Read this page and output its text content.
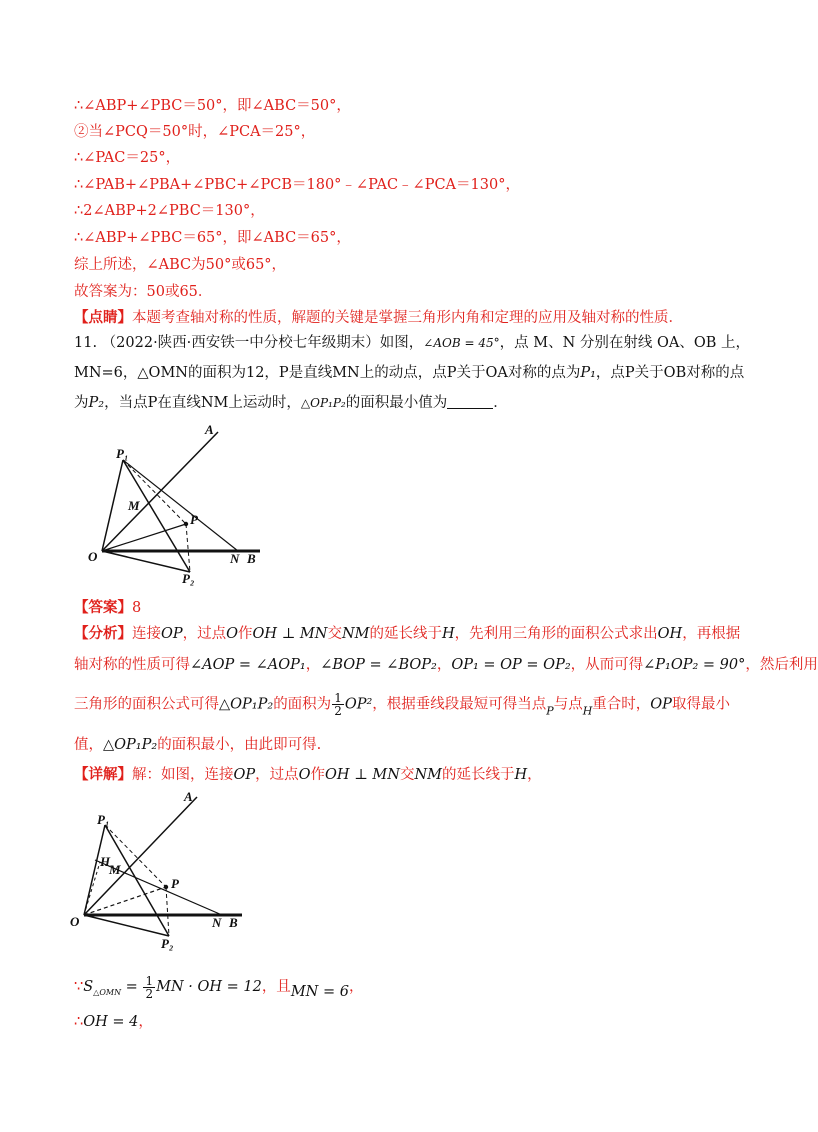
∴∠ABP+∠PBC＝50°，即∠ABC＝50°，
②当∠PCQ＝50°时，∠PCA＝25°，
∴∠PAC＝25°，
∴∠PAB+∠PBA+∠PBC+∠PCB＝180°﹣∠PAC﹣∠PCA＝130°，
∴2∠ABP+2∠PBC＝130°，
∴∠ABP+∠PBC＝65°，即∠ABC＝65°，
综上所述，∠ABC为50°或65°，
故答案为：50或65．
【点睛】本题考查轴对称的性质，解题的关键是掌握三角形内角和定理的应用及轴对称的性质．
11. （2022·陕西·西安铁一中分校七年级期末）如图，∠AOB = 45°，点 M、N 分别在射线 OA、OB 上，
MN=6，△OMN的面积为12，P是直线MN上的动点，点P关于OA对称的点为P₁，点P关于OB对称的点
为P₂，当点P在直线NM上运动时，△OP₁P₂的面积最小值为	．
A
P₁
M
P
O	N B
P₂
【答案】8
【分析】连接OP，过点O作OH ⊥ MN交NM的延长线于H，先利用三角形的面积公式求出OH，再根据
轴对称的性质可得∠AOP = ∠AOP₁，∠BOP = ∠BOP₂，OP₁ = OP = OP₂，从而可得∠P₁OP₂ = 90°，然后利用
三角形的面积公式可得△OP₁P₂的面积为 $\frac{1}{2} OP^2$，根据垂线段最短可得当点$_P$与点$_H$重合时，OP取得最小
值，△OP₁P₂的面积最小，由此即可得.
【详解】解：如图，连接OP，过点O作OH ⊥ MN交NM的延长线于H，
A
P₁
H
M
P
O	N B
P₂
$\because S_{\triangle OMN} = \frac{1}{2}$ MN · OH = 12，且MN = 6，
∴OH = 4，
